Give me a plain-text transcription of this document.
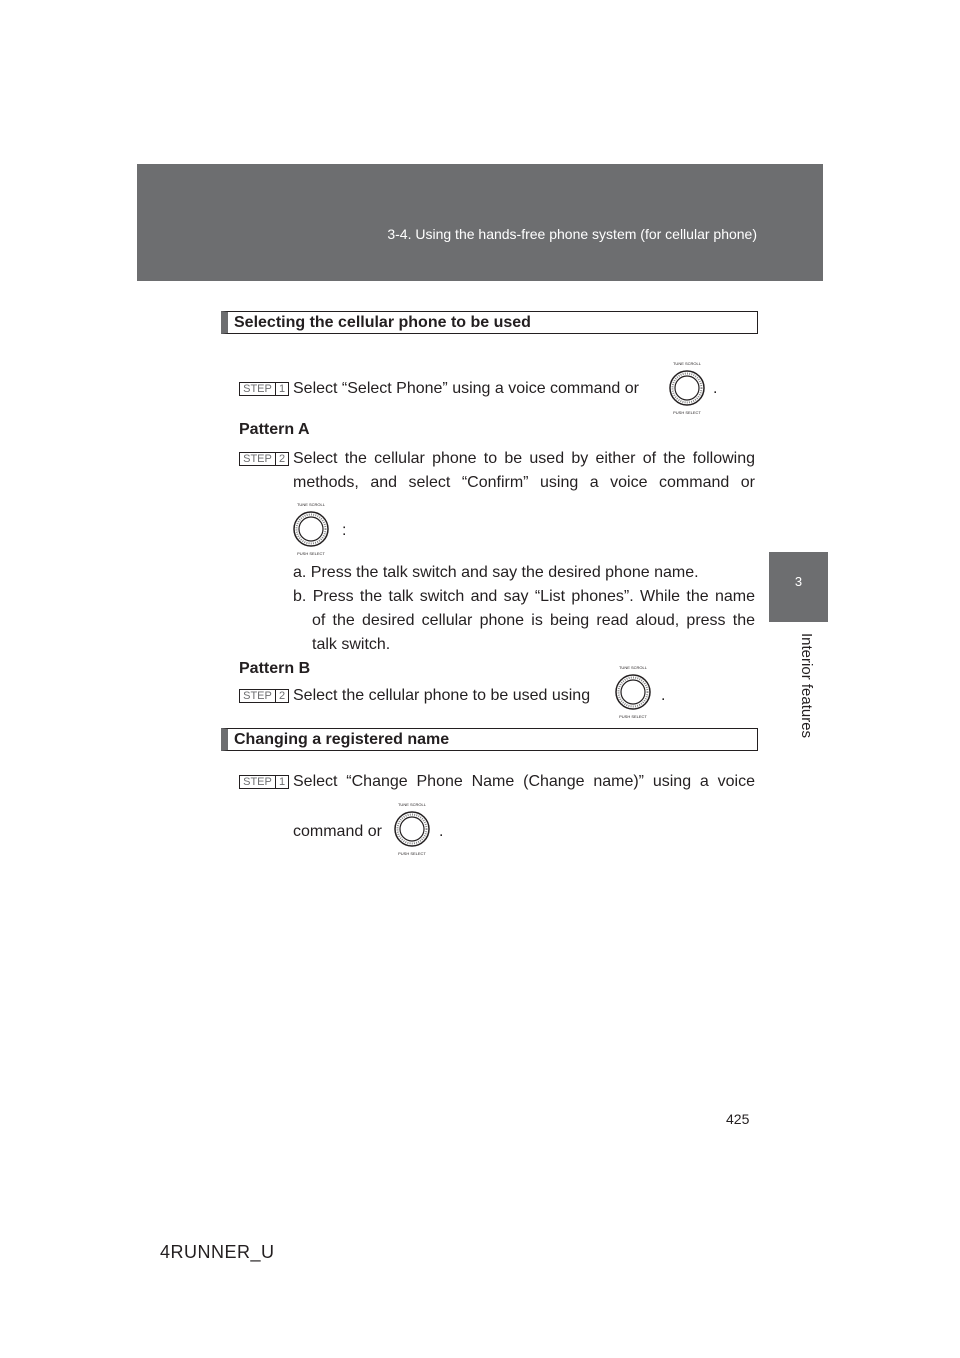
3-4. Using the hands-free phone system (for cellular phone)
3
Interior features
Selecting the cellular phone to be used
STEP 1 Select “Select Phone” using a voice command or
TUNE SCROLL
PUSH SELECT
.
Pattern A
STEP 2 Select the cellular phone to be used by either of the following
methods, and select “Confirm” using a voice command or
TUNE SCROLL
PUSH SELECT
:
a. Press the talk switch and say the desired phone name.
b. Press the talk switch and say “List phones”. While the name
of the desired cellular phone is being read aloud, press the
talk switch.
Pattern B
STEP 2 Select the cellular phone to be used using
TUNE SCROLL
PUSH SELECT
.
Changing a registered name
STEP 1 Select “Change Phone Name (Change name)” using a voice
command or
TUNE SCROLL
PUSH SELECT
.
425
4RUNNER_U
